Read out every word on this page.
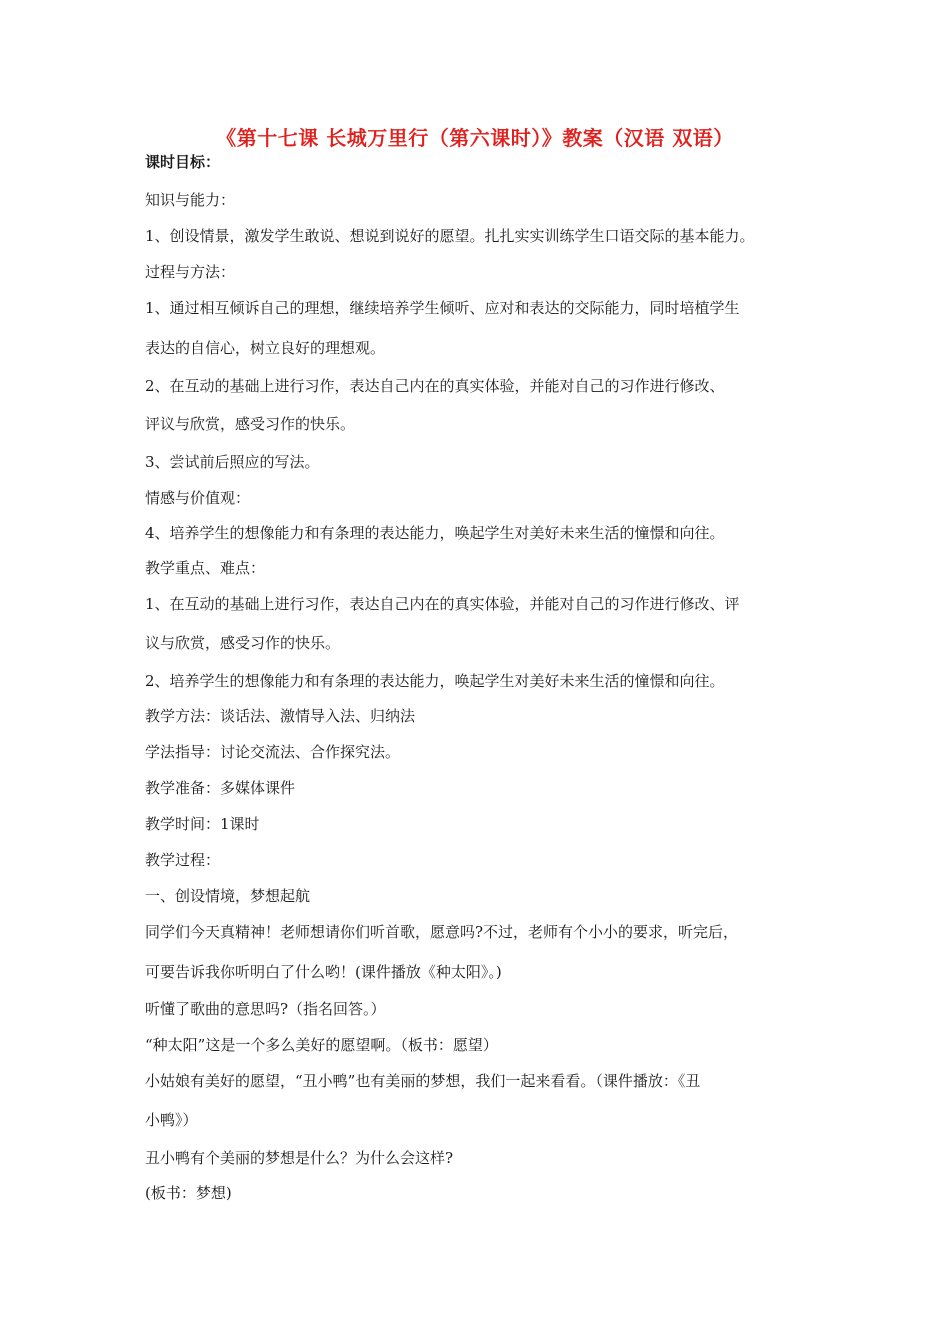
《第十七课 长城万里行（第六课时）》教案（汉语 双语）
课时目标：
知识与能力：
1、创设情景，激发学生敢说、想说到说好的愿望。扎扎实实训练学生口语交际的基本能力。
过程与方法：
1、通过相互倾诉自己的理想，继续培养学生倾听、应对和表达的交际能力，同时培植学生
表达的自信心，树立良好的理想观。
2、在互动的基础上进行习作，表达自己内在的真实体验，并能对自己的习作进行修改、
评议与欣赏，感受习作的快乐。
3、尝试前后照应的写法。
情感与价值观：
4、培养学生的想像能力和有条理的表达能力，唤起学生对美好未来生活的憧憬和向往。
教学重点、难点：
1、在互动的基础上进行习作，表达自己内在的真实体验，并能对自己的习作进行修改、评
议与欣赏，感受习作的快乐。
2、培养学生的想像能力和有条理的表达能力，唤起学生对美好未来生活的憧憬和向往。
教学方法：谈话法、激情导入法、归纳法
学法指导：讨论交流法、合作探究法。
教学准备：多媒体课件
教学时间：1课时
教学过程：
一、创设情境，梦想起航
同学们今天真精神！老师想请你们听首歌，愿意吗?不过，老师有个小小的要求，听完后，
可要告诉我你听明白了什么哟！(课件播放《种太阳》。)
听懂了歌曲的意思吗?（指名回答。）
“种太阳”这是一个多么美好的愿望啊。（板书：愿望）
小姑娘有美好的愿望，“丑小鸭”也有美丽的梦想，我们一起来看看。（课件播放：《丑
小鸭》）
丑小鸭有个美丽的梦想是什么？为什么会这样?
(板书：梦想)
